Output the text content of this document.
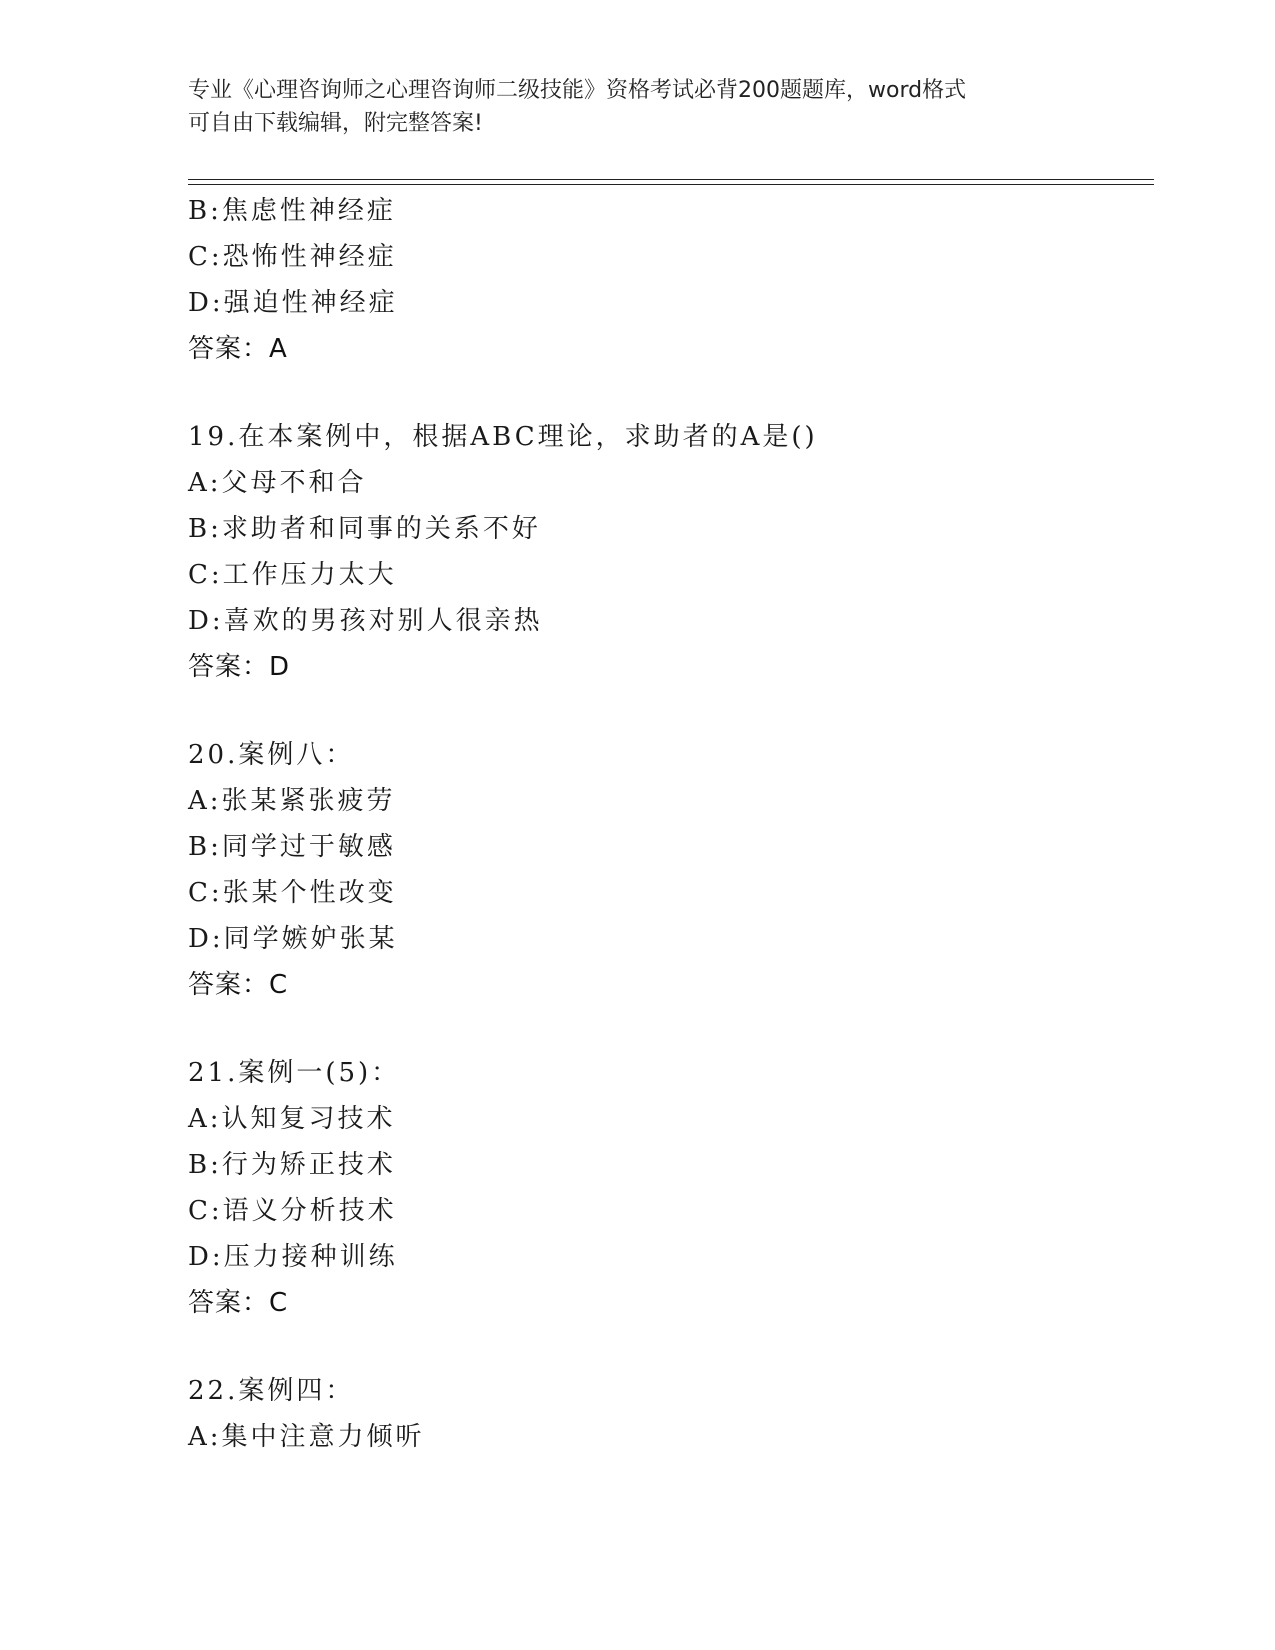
专业《心理咨询师之心理咨询师二级技能》资格考试必背200题题库，word格式
可自由下载编辑，附完整答案!
B:焦虑性神经症
C:恐怖性神经症
D:强迫性神经症
答案：A
19.在本案例中，根据ABC理论，求助者的A是()
A:父母不和合
B:求助者和同事的关系不好
C:工作压力太大
D:喜欢的男孩对别人很亲热
答案：D
20.案例八：
A:张某紧张疲劳
B:同学过于敏感
C:张某个性改变
D:同学嫉妒张某
答案：C
21.案例一(5)：
A:认知复习技术
B:行为矫正技术
C:语义分析技术
D:压力接种训练
答案：C
22.案例四：
A:集中注意力倾听
